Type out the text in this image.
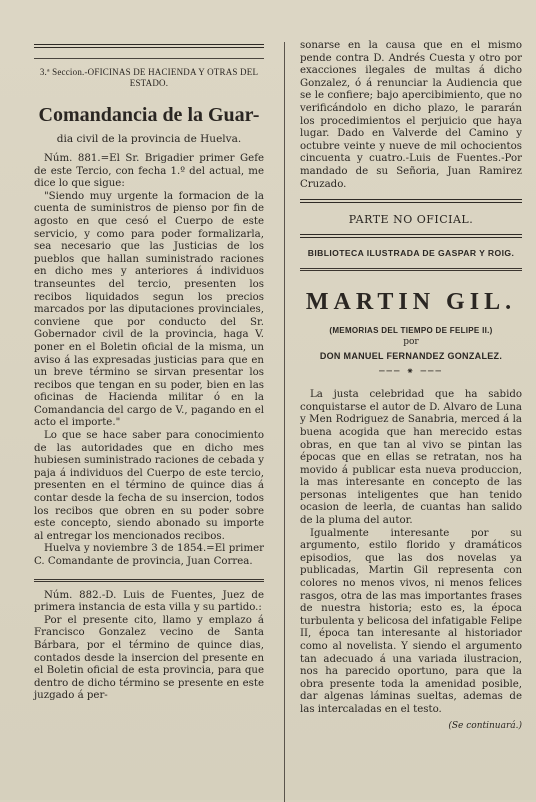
3.ª Seccion.-OFICINAS DE HACIENDA Y OTRAS DEL ESTADO.

Comandancia de la Guar-

dia civil de la provincia de Huelva.

Núm. 881.=El Sr. Brigadier primer Gefe de este Tercio, con fecha 1.º del actual, me dice lo que sigue:

"Siendo muy urgente la formacion de la cuenta de suministros de pienso por fin de agosto en que cesó el Cuerpo de este servicio, y como para poder formalizarla, sea necesario que las Justicias de los pueblos que hallan suministrado raciones en dicho mes y anteriores á individuos transeuntes del tercio, presenten los recibos liquidados segun los precios marcados por las diputaciones provinciales, conviene que por conducto del Sr. Gobernador civil de la provincia, haga V. poner en el Boletin oficial de la misma, un aviso á las expresadas justicias para que en un breve término se sirvan presentar los recibos que tengan en su poder, bien en las oficinas de Hacienda militar ó en la Comandancia del cargo de V., pagando en el acto el importe."

Lo que se hace saber para conocimiento de las autoridades que en dicho mes hubiesen suministrado raciones de cebada y paja á individuos del Cuerpo de este tercio, presenten en el término de quince dias á contar desde la fecha de su insercion, todos los recibos que obren en su poder sobre este concepto, siendo abonado su importe al entregar los mencionados recibos.

Huelva y noviembre 3 de 1854.=El primer C. Comandante de provincia, Juan Correa.

Núm. 882.-D. Luis de Fuentes, Juez de primera instancia de esta villa y su partido.:

Por el presente cito, llamo y emplazo á Francisco Gonzalez vecino de Santa Bárbara, por el término de quince dias, contados desde la insercion del presente en el Boletin oficial de esta provincia, para que dentro de dicho término se presente en este juzgado á per-

sonarse en la causa que en el mismo pende contra D. Andrés Cuesta y otro por exacciones ilegales de multas á dicho Gonzalez, ó á renunciar la Audiencia que se le confiere; bajo apercibimiento, que no verificándolo en dicho plazo, le pararán los procedimientos el perjuicio que haya lugar. Dado en Valverde del Camino y octubre veinte y nueve de mil ochocientos cincuenta y cuatro.-Luis de Fuentes.-Por mandado de su Señoria, Juan Ramirez Cruzado.

PARTE NO OFICIAL.

BIBLIOTECA ILUSTRADA DE GASPAR Y ROIG.

MARTIN GIL.

(MEMORIAS DEL TIEMPO DE FELIPE II.)

por

DON MANUEL FERNANDEZ GONZALEZ.

─── ⁕ ───

La justa celebridad que ha sabido conquistarse el autor de D. Alvaro de Luna y Men Rodriguez de Sanabria, merced á la buena acogida que han merecido estas obras, en que tan al vivo se pintan las épocas que en ellas se retratan, nos ha movido á publicar esta nueva produccion, la mas interesante en concepto de las personas inteligentes que han tenido ocasion de leerla, de cuantas han salido de la pluma del autor.

Igualmente interesante por su argumento, estilo florido y dramáticos episodios, que las dos novelas ya publicadas, Martin Gil representa con colores no menos vivos, ni menos felices rasgos, otra de las mas importantes frases de nuestra historia; esto es, la época turbulenta y belicosa del infatigable Felipe II, época tan interesante al historiador como al novelista. Y siendo el argumento tan adecuado á una variada ilustracion, nos ha parecido oportuno, para que la obra presente toda la amenidad posible, dar algenas láminas sueltas, ademas de las intercaladas en el testo.

(Se continuará.)
